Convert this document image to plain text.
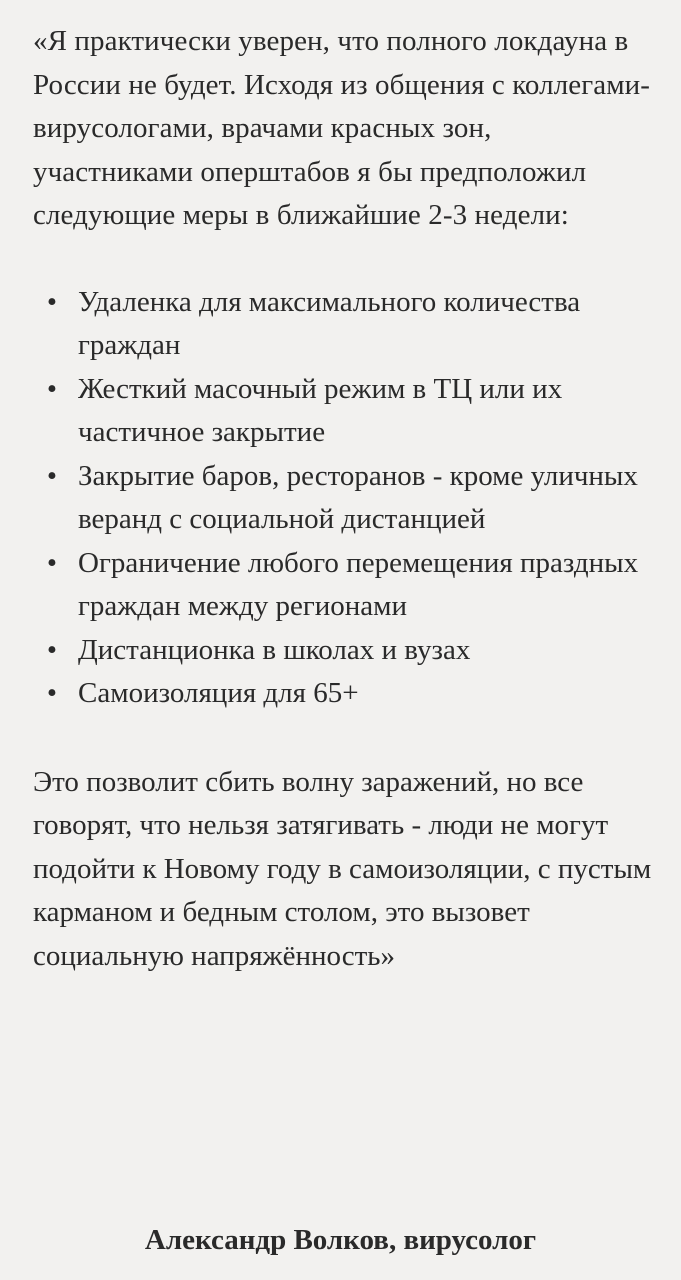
«Я практически уверен, что полного локдауна в России не будет. Исходя из общения с коллегами-вирусологами, врачами красных зон, участниками оперштабов я бы предположил следующие меры в ближайшие 2-3 недели:

• Удаленка для максимального количества граждан
• Жесткий масочный режим в ТЦ или их частичное закрытие
• Закрытие баров, ресторанов - кроме уличных веранд с социальной дистанцией
• Ограничение любого перемещения праздных граждан между регионами
• Дистанционка в школах и вузах
• Самоизоляция для 65+

Это позволит сбить волну заражений, но все говорят, что нельзя затягивать - люди не могут подойти к Новому году в самоизоляции, с пустым карманом и бедным столом, это вызовет социальную напряжённость»

Александр Волков, вирусолог
